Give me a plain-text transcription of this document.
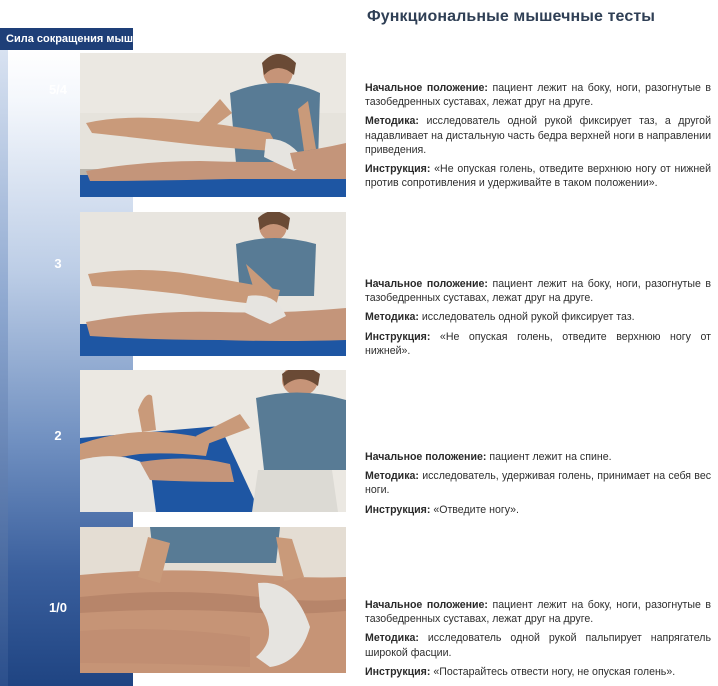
Функциональные мышечные тесты
Сила сокращения мышц
5/4
3
2
1/0

Начальное положение: пациент лежит на боку, ноги, разогнутые в тазобедренных суставах, лежат друг на друге.

Методика: исследователь одной рукой фиксирует таз, а другой надавливает на дистальную часть бедра верхней ноги в направлении приведения.

Инструкция: «Не опуская голень, отведите верхнюю ногу от нижней против сопротивления и удерживайте в таком положении».

Начальное положение: пациент лежит на боку, ноги, разогнутые в тазобедренных суставах, лежат друг на друге.

Методика: исследователь одной рукой фиксирует таз.

Инструкция: «Не опуская голень, отведите верхнюю ногу от нижней».

Начальное положение: пациент лежит на спине.

Методика: исследователь, удерживая голень, принимает на себя вес ноги.

Инструкция: «Отведите ногу».

Начальное положение: пациент лежит на боку, ноги, разогнутые в тазобедренных суставах, лежат друг на друге.

Методика: исследователь одной рукой пальпирует напрягатель широкой фасции.

Инструкция: «Постарайтесь отвести ногу, не опуская голень».
